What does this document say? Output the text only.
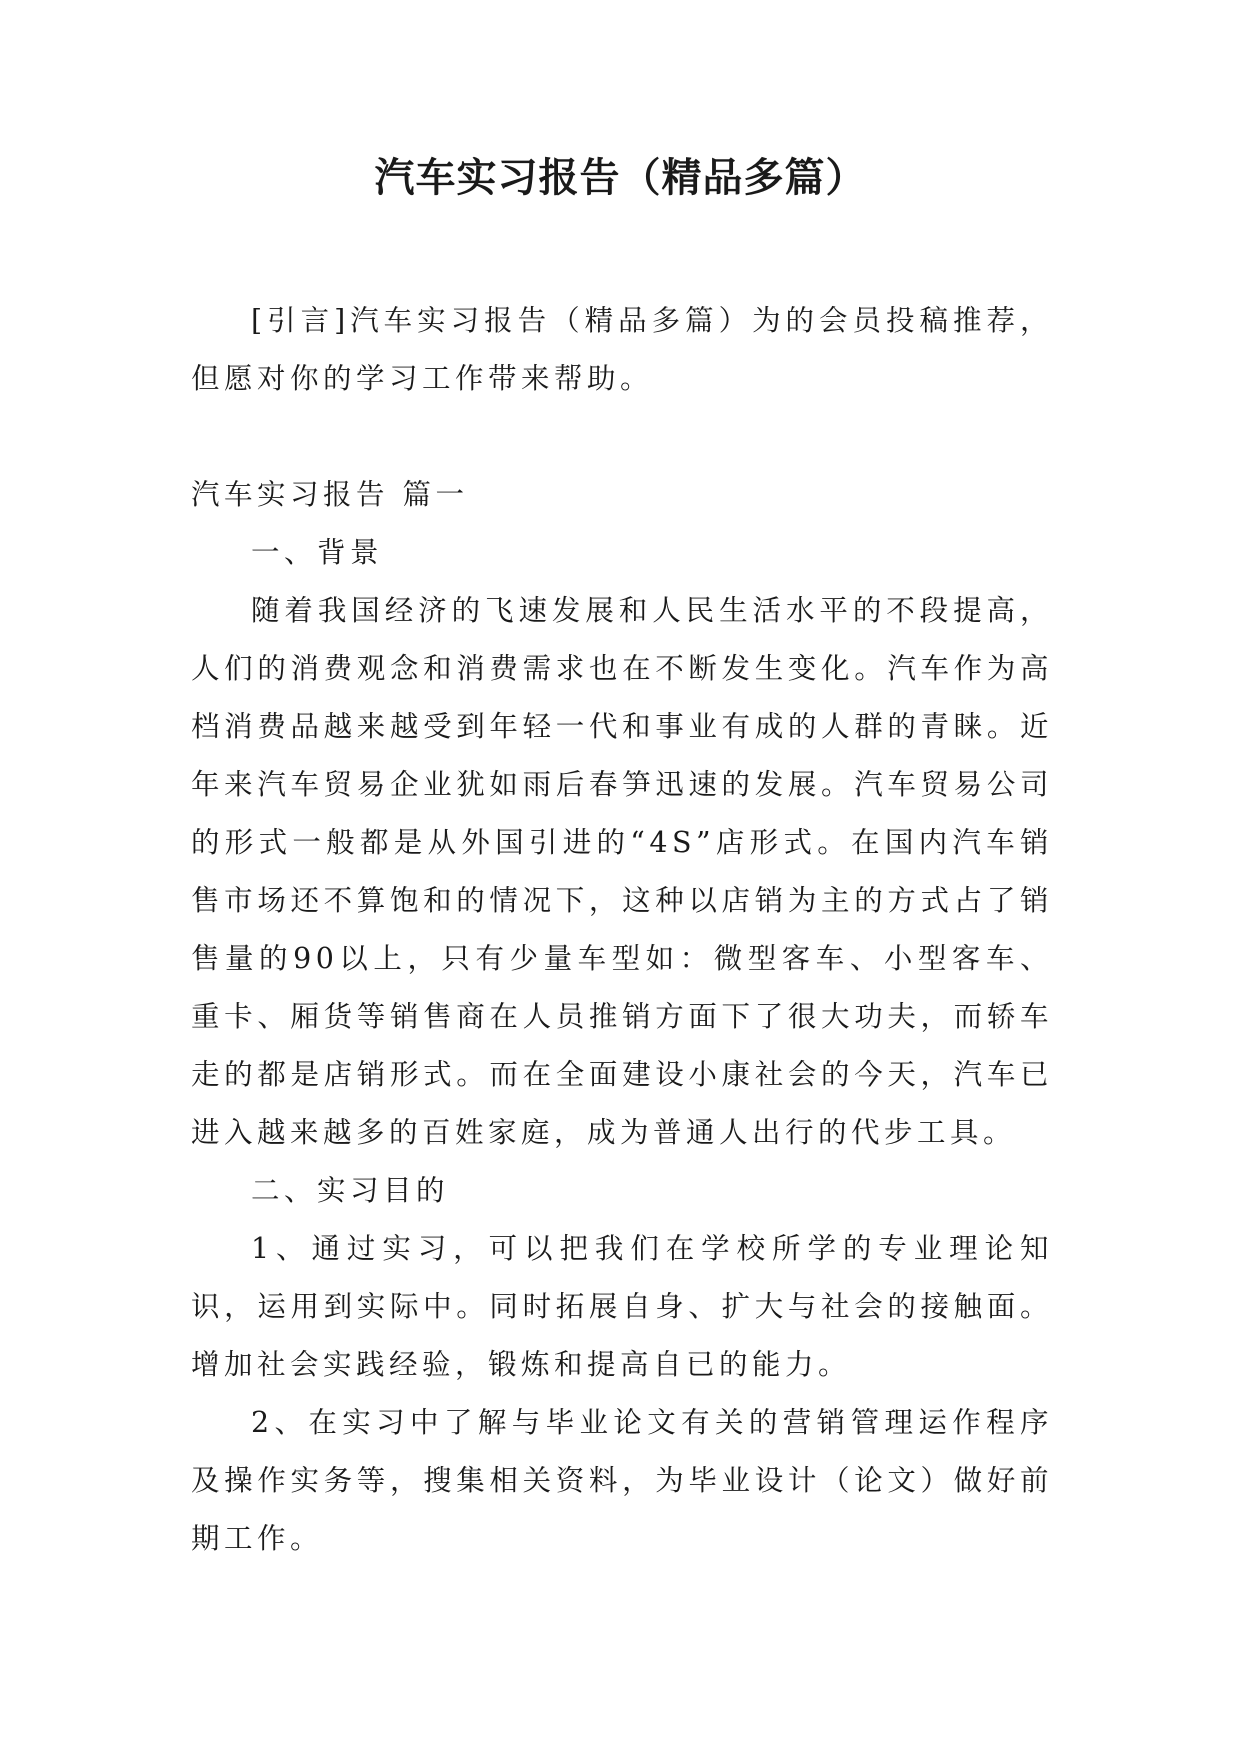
汽车实习报告（精品多篇）

[引言]汽车实习报告（精品多篇）为的会员投稿推荐，但愿对你的学习工作带来帮助。

汽车实习报告 篇一

一、背景

随着我国经济的飞速发展和人民生活水平的不段提高，人们的消费观念和消费需求也在不断发生变化。汽车作为高档消费品越来越受到年轻一代和事业有成的人群的青睐。近年来汽车贸易企业犹如雨后春笋迅速的发展。汽车贸易公司的形式一般都是从外国引进的“4S”店形式。在国内汽车销售市场还不算饱和的情况下，这种以店销为主的方式占了销售量的90以上，只有少量车型如：微型客车、小型客车、重卡、厢货等销售商在人员推销方面下了很大功夫，而轿车走的都是店销形式。而在全面建设小康社会的今天，汽车已进入越来越多的百姓家庭，成为普通人出行的代步工具。

二、实习目的

1、通过实习，可以把我们在学校所学的专业理论知识，运用到实际中。同时拓展自身、扩大与社会的接触面。增加社会实践经验，锻炼和提高自已的能力。

2、在实习中了解与毕业论文有关的营销管理运作程序及操作实务等，搜集相关资料，为毕业设计（论文）做好前期工作。
